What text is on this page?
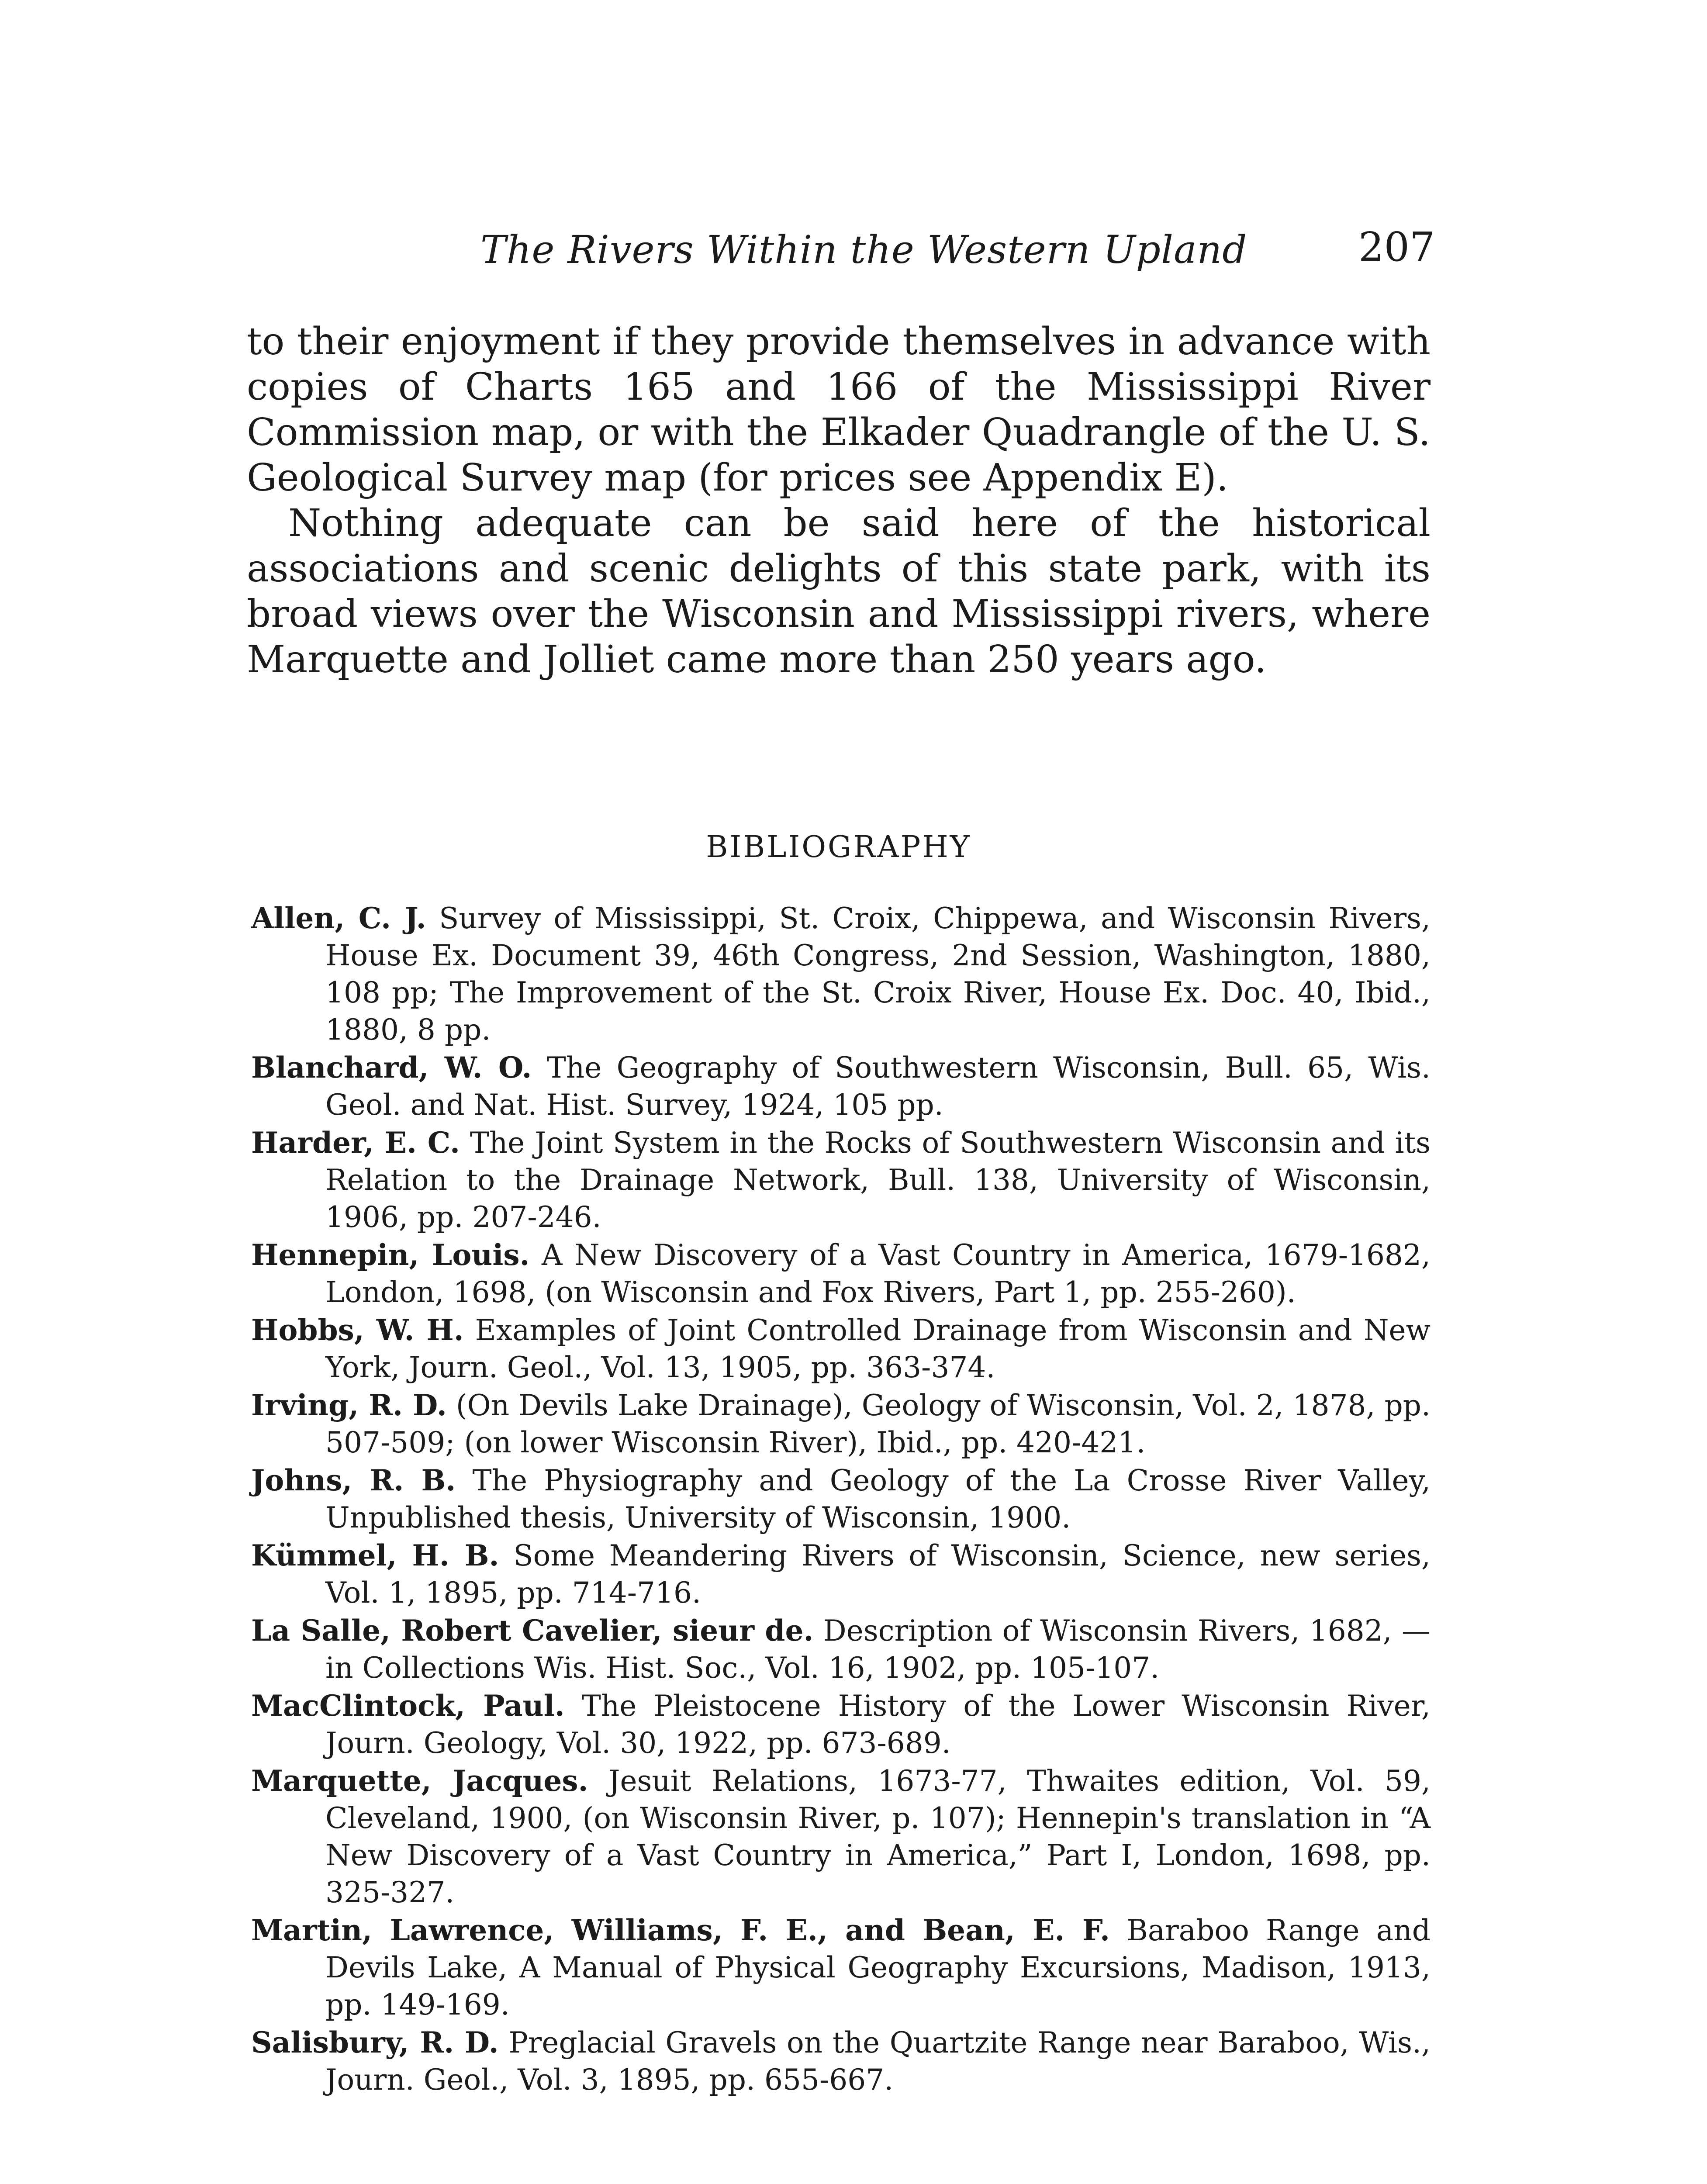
The Rivers Within the Western Upland	207

to their enjoyment if they provide themselves in advance with copies of Charts 165 and 166 of the Mississippi River Commission map, or with the Elkader Quadrangle of the U. S. Geological Survey map (for prices see Appendix E).

Nothing adequate can be said here of the historical associations and scenic delights of this state park, with its broad views over the Wisconsin and Mississippi rivers, where Marquette and Jolliet came more than 250 years ago.

BIBLIOGRAPHY
Allen, C. J. Survey of Mississippi, St. Croix, Chippewa, and Wisconsin Rivers, House Ex. Document 39, 46th Congress, 2nd Session, Washington, 1880, 108 pp; The Improvement of the St. Croix River, House Ex. Doc. 40, Ibid., 1880, 8 pp.
Blanchard, W. O. The Geography of Southwestern Wisconsin, Bull. 65, Wis. Geol. and Nat. Hist. Survey, 1924, 105 pp.
Harder, E. C. The Joint System in the Rocks of Southwestern Wisconsin and its Relation to the Drainage Network, Bull. 138, University of Wisconsin, 1906, pp. 207-246.
Hennepin, Louis. A New Discovery of a Vast Country in America, 1679-1682, London, 1698, (on Wisconsin and Fox Rivers, Part 1, pp. 255-260).
Hobbs, W. H. Examples of Joint Controlled Drainage from Wisconsin and New York, Journ. Geol., Vol. 13, 1905, pp. 363-374.
Irving, R. D. (On Devils Lake Drainage), Geology of Wisconsin, Vol. 2, 1878, pp. 507-509; (on lower Wisconsin River), Ibid., pp. 420-421.
Johns, R. B. The Physiography and Geology of the La Crosse River Valley, Unpublished thesis, University of Wisconsin, 1900.
Kümmel, H. B. Some Meandering Rivers of Wisconsin, Science, new series, Vol. 1, 1895, pp. 714-716.
La Salle, Robert Cavelier, sieur de. Description of Wisconsin Rivers, 1682, —in Collections Wis. Hist. Soc., Vol. 16, 1902, pp. 105-107.
MacClintock, Paul. The Pleistocene History of the Lower Wisconsin River, Journ. Geology, Vol. 30, 1922, pp. 673-689.
Marquette, Jacques. Jesuit Relations, 1673-77, Thwaites edition, Vol. 59, Cleveland, 1900, (on Wisconsin River, p. 107); Hennepin's translation in “A New Discovery of a Vast Country in America,” Part I, London, 1698, pp. 325-327.
Martin, Lawrence, Williams, F. E., and Bean, E. F. Baraboo Range and Devils Lake, A Manual of Physical Geography Excursions, Madison, 1913, pp. 149-169.
Salisbury, R. D. Preglacial Gravels on the Quartzite Range near Baraboo, Wis., Journ. Geol., Vol. 3, 1895, pp. 655-667.
